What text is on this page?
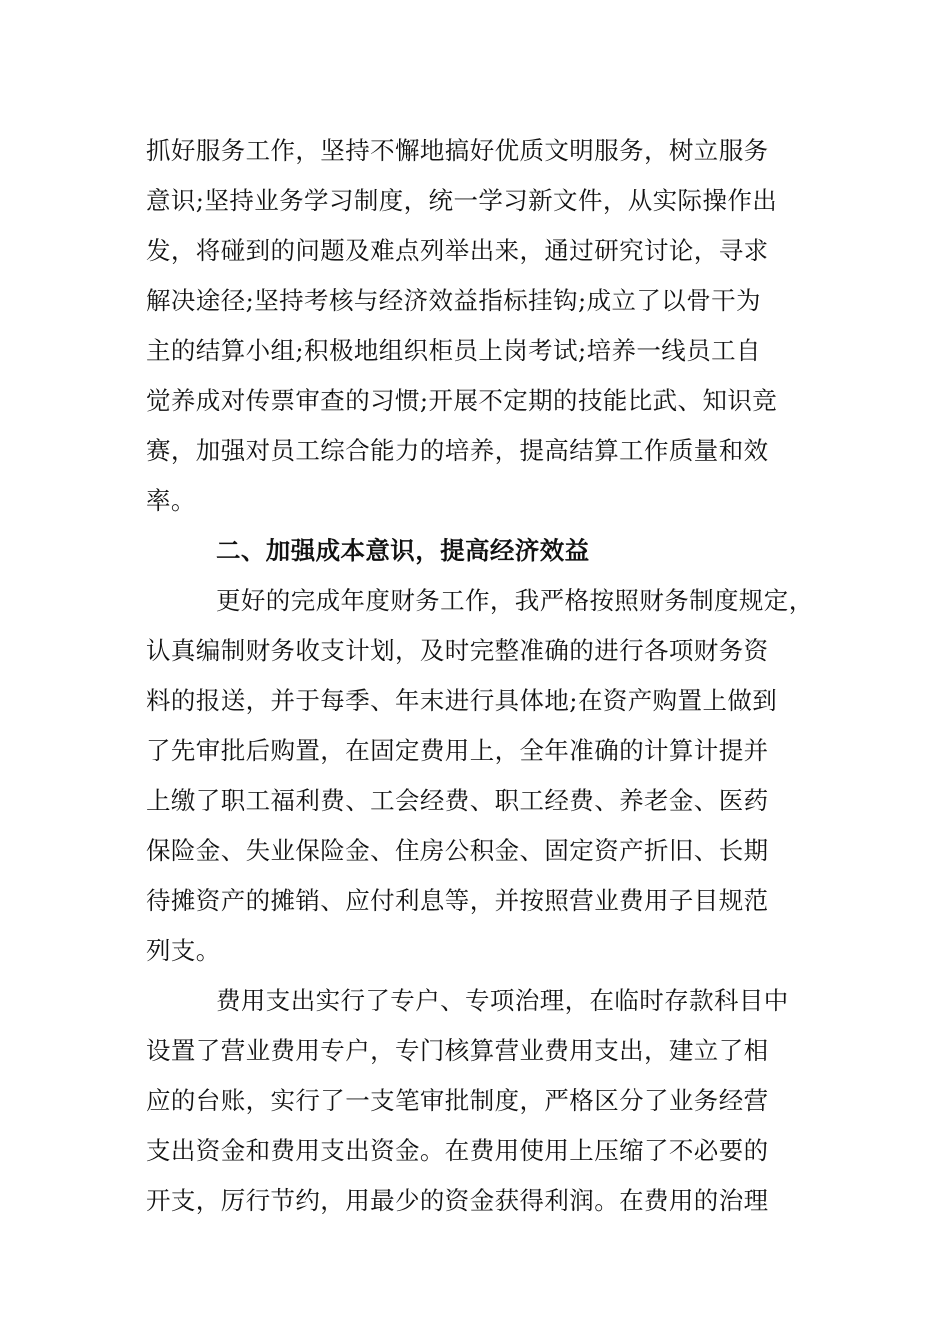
抓好服务工作，坚持不懈地搞好优质文明服务，树立服务
意识;坚持业务学习制度，统一学习新文件，从实际操作出
发，将碰到的问题及难点列举出来，通过研究讨论，寻求
解决途径;坚持考核与经济效益指标挂钩;成立了以骨干为
主的结算小组;积极地组织柜员上岗考试;培养一线员工自
觉养成对传票审查的习惯;开展不定期的技能比武、知识竞
赛，加强对员工综合能力的培养，提高结算工作质量和效
率。
二、加强成本意识，提高经济效益
更好的完成年度财务工作，我严格按照财务制度规定，
认真编制财务收支计划，及时完整准确的进行各项财务资
料的报送，并于每季、年末进行具体地;在资产购置上做到
了先审批后购置，在固定费用上，全年准确的计算计提并
上缴了职工福利费、工会经费、职工经费、养老金、医药
保险金、失业保险金、住房公积金、固定资产折旧、长期
待摊资产的摊销、应付利息等，并按照营业费用子目规范
列支。
费用支出实行了专户、专项治理，在临时存款科目中
设置了营业费用专户，专门核算营业费用支出，建立了相
应的台账，实行了一支笔审批制度，严格区分了业务经营
支出资金和费用支出资金。在费用使用上压缩了不必要的
开支，厉行节约，用最少的资金获得利润。在费用的治理
